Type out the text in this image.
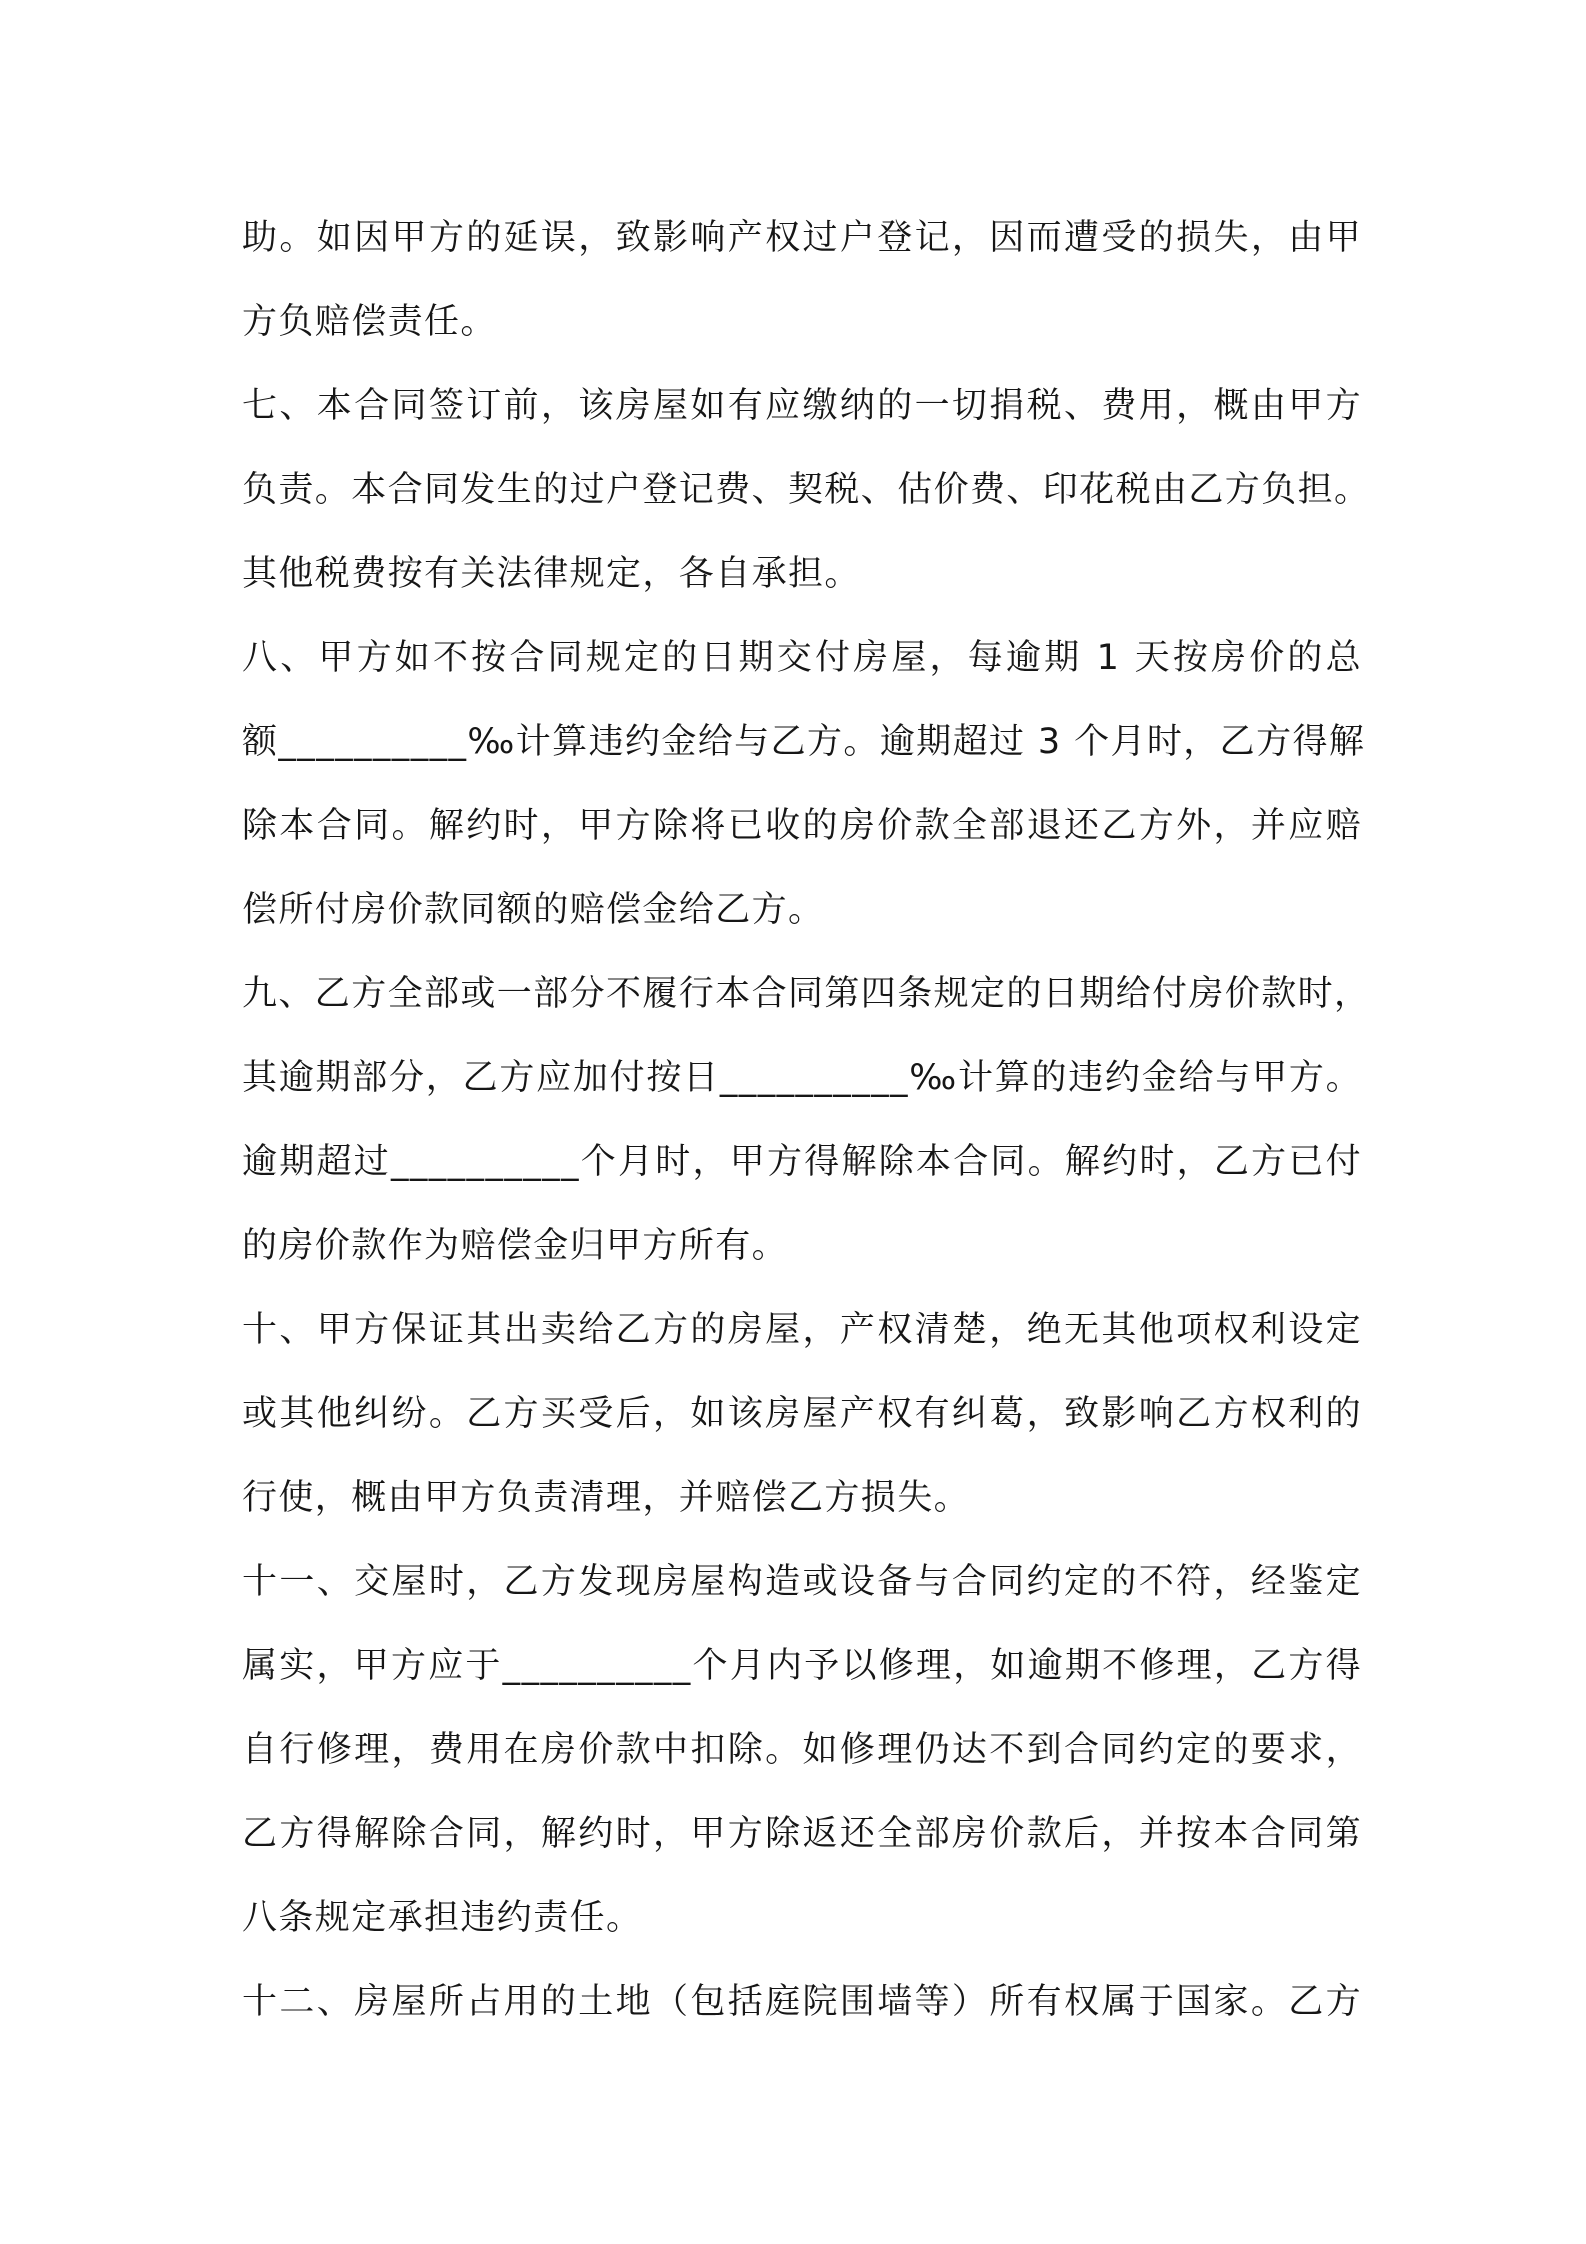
助。如因甲方的延误，致影响产权过户登记，因而遭受的损失，由甲
方负赔偿责任。
七、本合同签订前，该房屋如有应缴纳的一切捐税、费用，概由甲方
负责。本合同发生的过户登记费、契税、估价费、印花税由乙方负担。
其他税费按有关法律规定，各自承担。
八、甲方如不按合同规定的日期交付房屋，每逾期 1 天按房价的总
额__________‰计算违约金给与乙方。逾期超过 3 个月时，乙方得解
除本合同。解约时，甲方除将已收的房价款全部退还乙方外，并应赔
偿所付房价款同额的赔偿金给乙方。
九、乙方全部或一部分不履行本合同第四条规定的日期给付房价款时，
其逾期部分，乙方应加付按日__________‰计算的违约金给与甲方。
逾期超过__________个月时，甲方得解除本合同。解约时，乙方已付
的房价款作为赔偿金归甲方所有。
十、甲方保证其出卖给乙方的房屋，产权清楚，绝无其他项权利设定
或其他纠纷。乙方买受后，如该房屋产权有纠葛，致影响乙方权利的
行使，概由甲方负责清理，并赔偿乙方损失。
十一、交屋时，乙方发现房屋构造或设备与合同约定的不符，经鉴定
属实，甲方应于__________个月内予以修理，如逾期不修理，乙方得
自行修理，费用在房价款中扣除。如修理仍达不到合同约定的要求，
乙方得解除合同，解约时，甲方除返还全部房价款后，并按本合同第
八条规定承担违约责任。
十二、房屋所占用的土地（包括庭院围墙等）所有权属于国家。乙方
